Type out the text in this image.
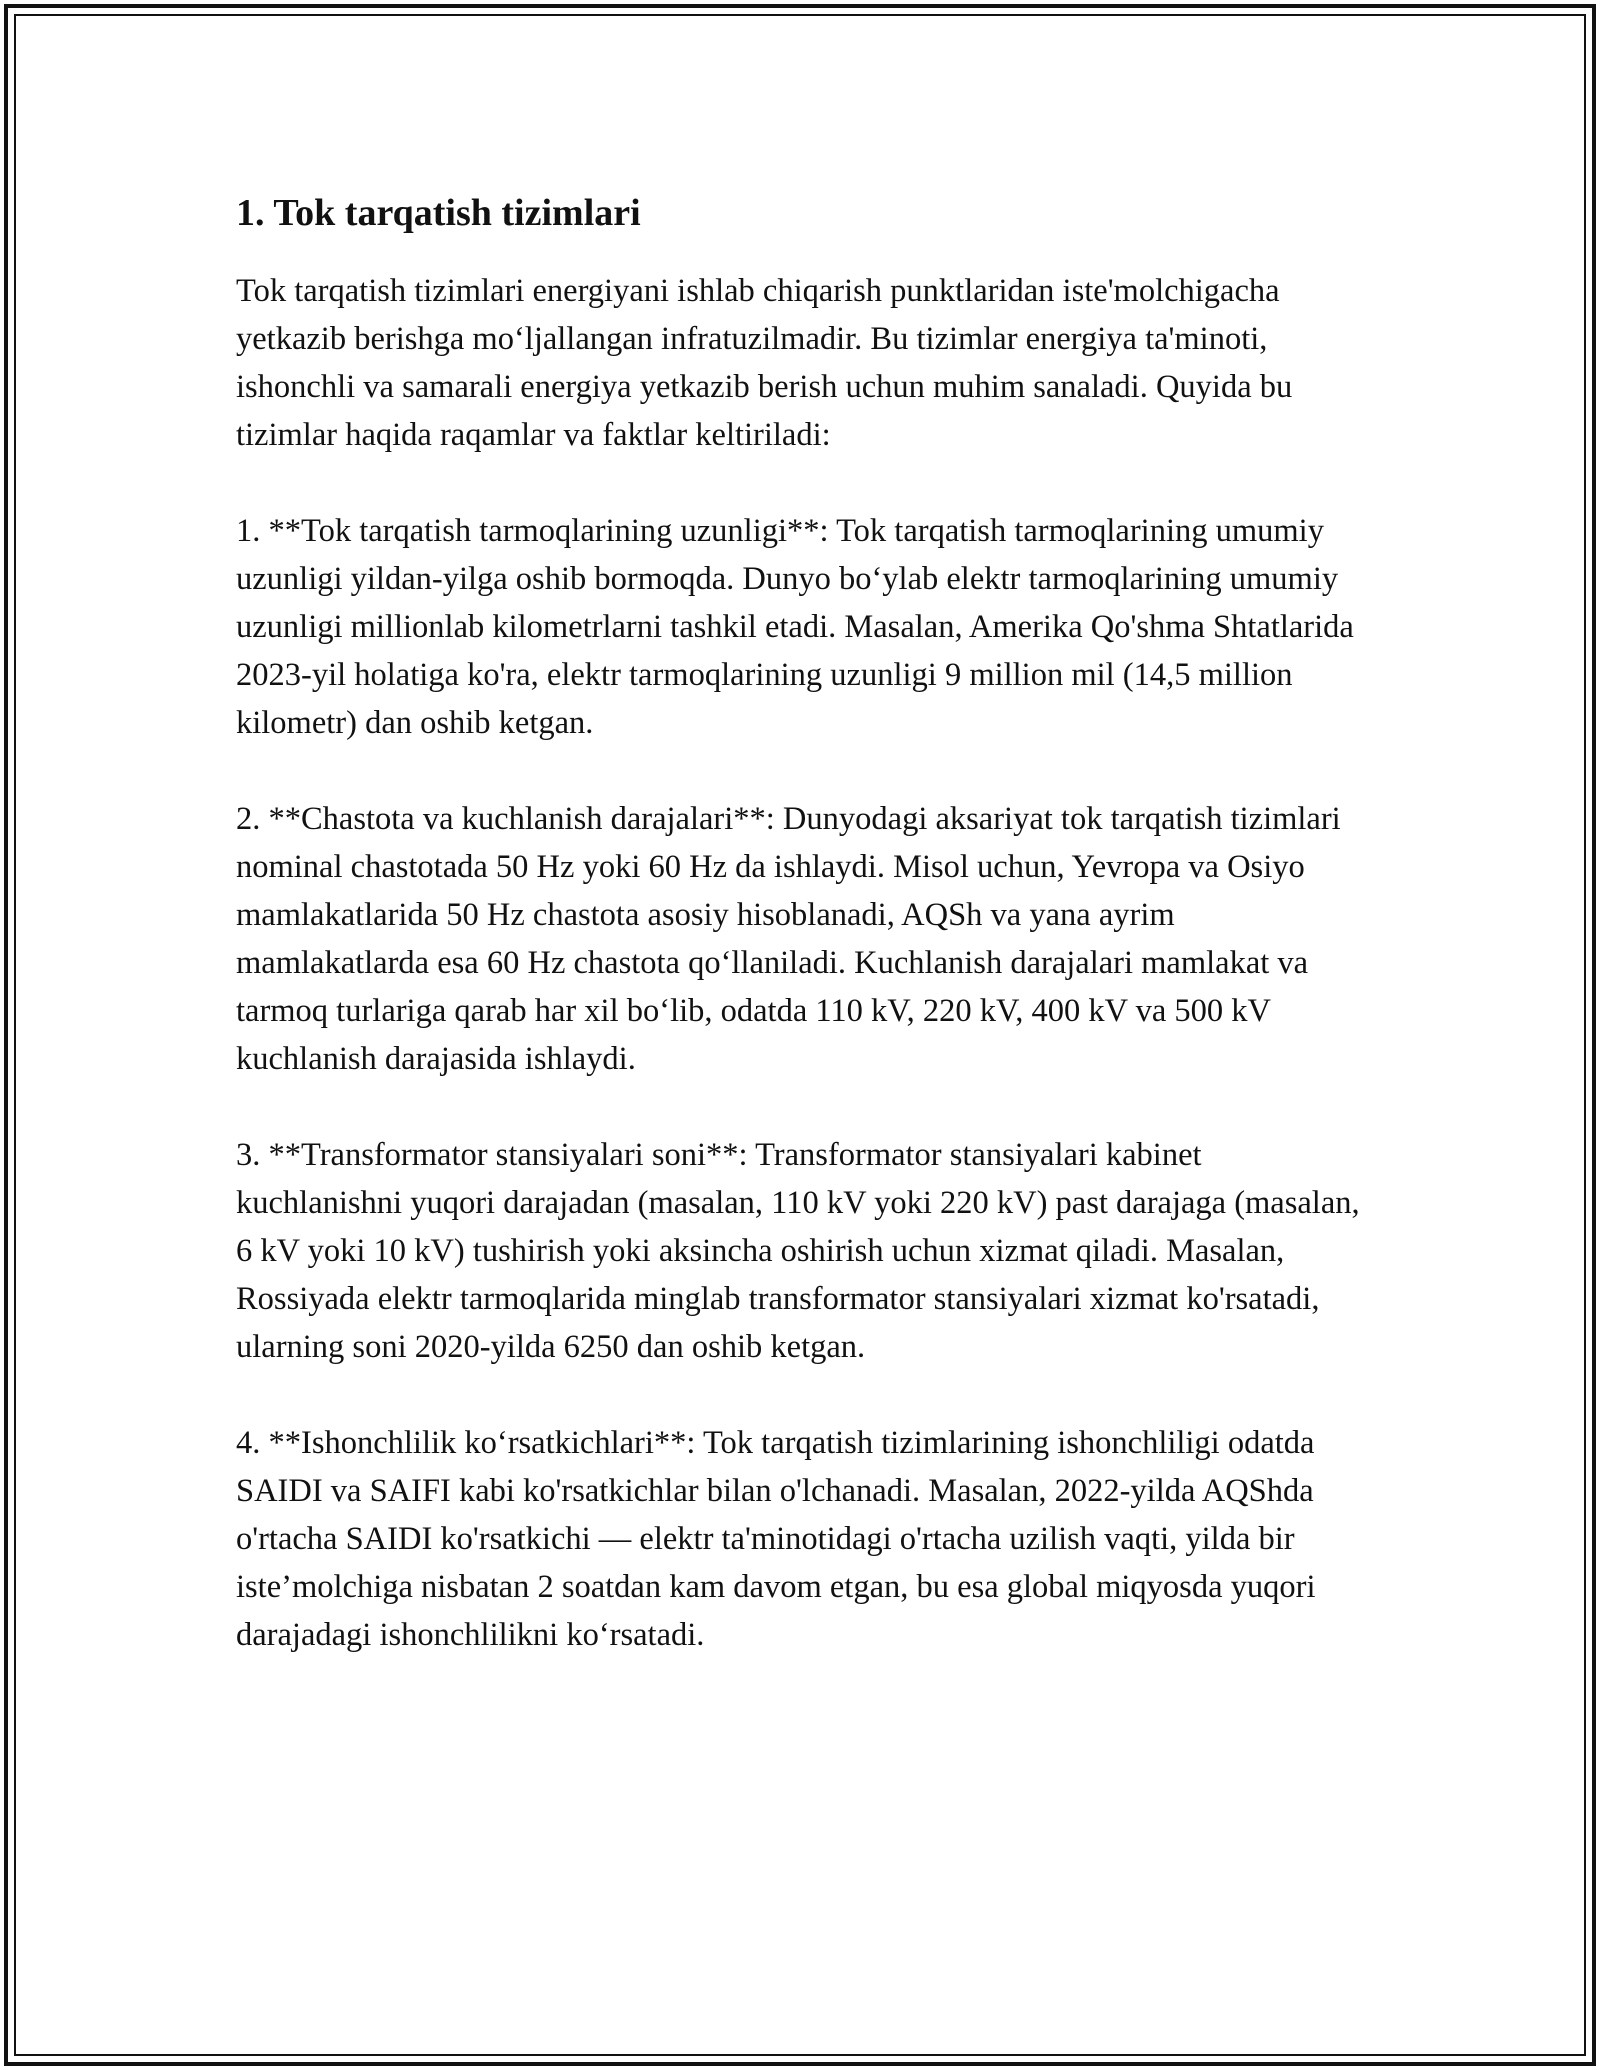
1. Tok tarqatish tizimlari

Tok tarqatish tizimlari energiyani ishlab chiqarish punktlaridan iste'molchigacha yetkazib berishga mo‘ljallangan infratuzilmadir. Bu tizimlar energiya ta'minoti, ishonchli va samarali energiya yetkazib berish uchun muhim sanaladi. Quyida bu tizimlar haqida raqamlar va faktlar keltiriladi:

1. **Tok tarqatish tarmoqlarining uzunligi**: Tok tarqatish tarmoqlarining umumiy uzunligi yildan-yilga oshib bormoqda. Dunyo bo‘ylab elektr tarmoqlarining umumiy uzunligi millionlab kilometrlarni tashkil etadi. Masalan, Amerika Qo'shma Shtatlarida 2023-yil holatiga ko'ra, elektr tarmoqlarining uzunligi 9 million mil (14,5 million kilometr) dan oshib ketgan.

2. **Chastota va kuchlanish darajalari**: Dunyodagi aksariyat tok tarqatish tizimlari nominal chastotada 50 Hz yoki 60 Hz da ishlaydi. Misol uchun, Yevropa va Osiyo mamlakatlarida 50 Hz chastota asosiy hisoblanadi, AQSh va yana ayrim mamlakatlarda esa 60 Hz chastota qo‘llaniladi. Kuchlanish darajalari mamlakat va tarmoq turlariga qarab har xil bo‘lib, odatda 110 kV, 220 kV, 400 kV va 500 kV kuchlanish darajasida ishlaydi.

3. **Transformator stansiyalari soni**: Transformator stansiyalari kabinet kuchlanishni yuqori darajadan (masalan, 110 kV yoki 220 kV) past darajaga (masalan, 6 kV yoki 10 kV) tushirish yoki aksincha oshirish uchun xizmat qiladi. Masalan, Rossiyada elektr tarmoqlarida minglab transformator stansiyalari xizmat ko'rsatadi, ularning soni 2020-yilda 6250 dan oshib ketgan.

4. **Ishonchlilik ko‘rsatkichlari**: Tok tarqatish tizimlarining ishonchliligi odatda SAIDI va SAIFI kabi ko'rsatkichlar bilan o'lchanadi. Masalan, 2022-yilda AQShda o'rtacha SAIDI ko'rsatkichi — elektr ta'minotidagi o'rtacha uzilish vaqti, yilda bir iste’molchiga nisbatan 2 soatdan kam davom etgan, bu esa global miqyosda yuqori darajadagi ishonchlilikni ko‘rsatadi.
